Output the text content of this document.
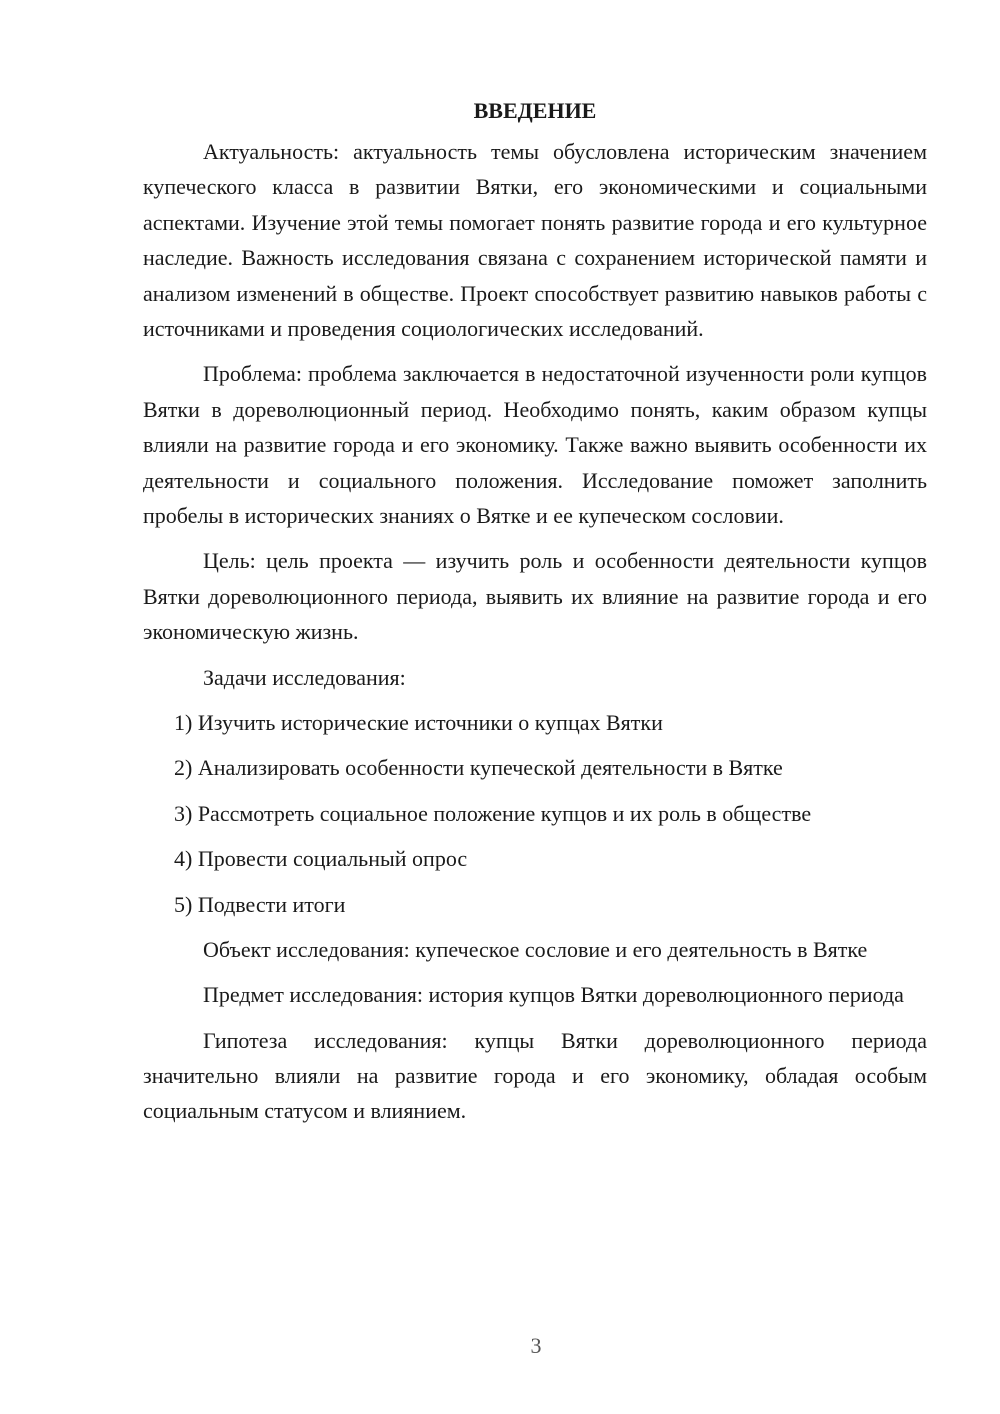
ВВЕДЕНИЕ

Актуальность: актуальность темы обусловлена историческим значением купеческого класса в развитии Вятки, его экономическими и социальными аспектами. Изучение этой темы помогает понять развитие города и его культурное наследие. Важность исследования связана с сохранением исторической памяти и анализом изменений в обществе. Проект способствует развитию навыков работы с источниками и проведения социологических исследований.

Проблема: проблема заключается в недостаточной изученности роли купцов Вятки в дореволюционный период. Необходимо понять, каким образом купцы влияли на развитие города и его экономику. Также важно выявить особенности их деятельности и социального положения. Исследование поможет заполнить пробелы в исторических знаниях о Вятке и ее купеческом сословии.

Цель: цель проекта — изучить роль и особенности деятельности купцов Вятки дореволюционного периода, выявить их влияние на развитие города и его экономическую жизнь.

Задачи исследования:
1) Изучить исторические источники о купцах Вятки
2) Анализировать особенности купеческой деятельности в Вятке
3) Рассмотреть социальное положение купцов и их роль в обществе
4) Провести социальный опрос
5) Подвести итоги

Объект исследования: купеческое сословие и его деятельность в Вятке

Предмет исследования: история купцов Вятки дореволюционного периода

Гипотеза исследования: купцы Вятки дореволюционного периода значительно влияли на развитие города и его экономику, обладая особым социальным статусом и влиянием.

3
